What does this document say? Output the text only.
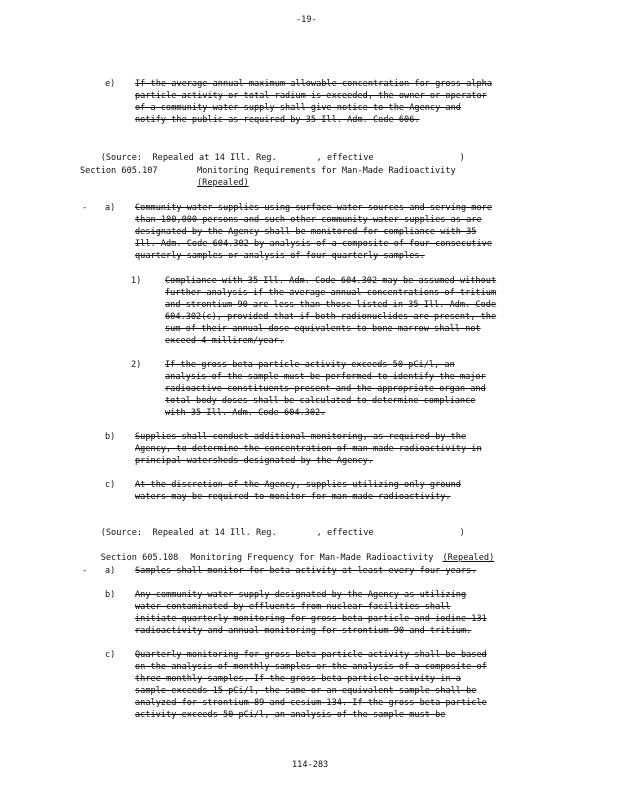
-19-
e) If the average annual maximum allowable concentration for gross alpha
particle activity or total radium is exceeded, the owner or operator
of a community water supply shall give notice to the Agency and
notify the public as required by 35 Ill. Adm. Code 606.

(Source: Repealed at 14 Ill. Reg.	, effective	)

Section 605.107	Monitoring Requirements for Man-Made Radioactivity
(Repealed)
- a) Community water supplies using surface water sources and serving more
than 100,000 persons and such other community water supplies as are
designated by the Agency shall be monitored for compliance with 35
Ill. Adm. Code 604.302 by analysis of a composite of four consecutive
quarterly samples or analysis of four quarterly samples.
1)	Compliance with 35 Ill. Adm. Code 604.302 may be assumed without
further analysis if the average annual concentrations of tritium
and strontium-90 are less than those listed in 35 Ill. Adm. Code
604.302(c), provided that if both radionuclides are present, the
sum of their annual dose equivalents to bone marrow shall not
exceed 4 millirem/year.
2)	If the gross beta particle activity exceeds 50 pCi/l, an
analysis of the sample must be performed to identify the major
radioactive constituents present and the appropriate organ and
total body doses shall be calculated to determine compliance
with 35 Ill. Adm. Code 604.302.
b) Supplies shall conduct additional monitoring, as required by the
Agency, to determine the concentration of man-made radioactivity in
principal watersheds designated by the Agency.
c) At the discretion of the Agency, supplies utilizing only ground
waters may be required to monitor for man-made radioactivity.

(Source: Repealed at 14 Ill. Reg.	, effective	)

Section 605.108 Monitoring Frequency for Man-Made Radioactivity (Repealed)

- a) Samples shall monitor for beta activity at least every four years.
b) Any community water supply designated by the Agency as utilizing
water contaminated by effluents from nuclear facilities shall
initiate quarterly monitoring for gross beta particle and iodine-131
radioactivity and annual monitoring for strontium-90 and tritium.
c) Quarterly monitoring for gross beta particle activity shall be based
on the analysis of monthly samples or the analysis of a composite of
three monthly samples. If the gross beta particle activity in a
sample exceeds 15 pCi/l, the same or an equivalent sample shall be
analyzed for strontium-89 and cesium-134. If the gross beta particle
activity exceeds 50 pCi/l, an analysis of the sample must be
114-283
